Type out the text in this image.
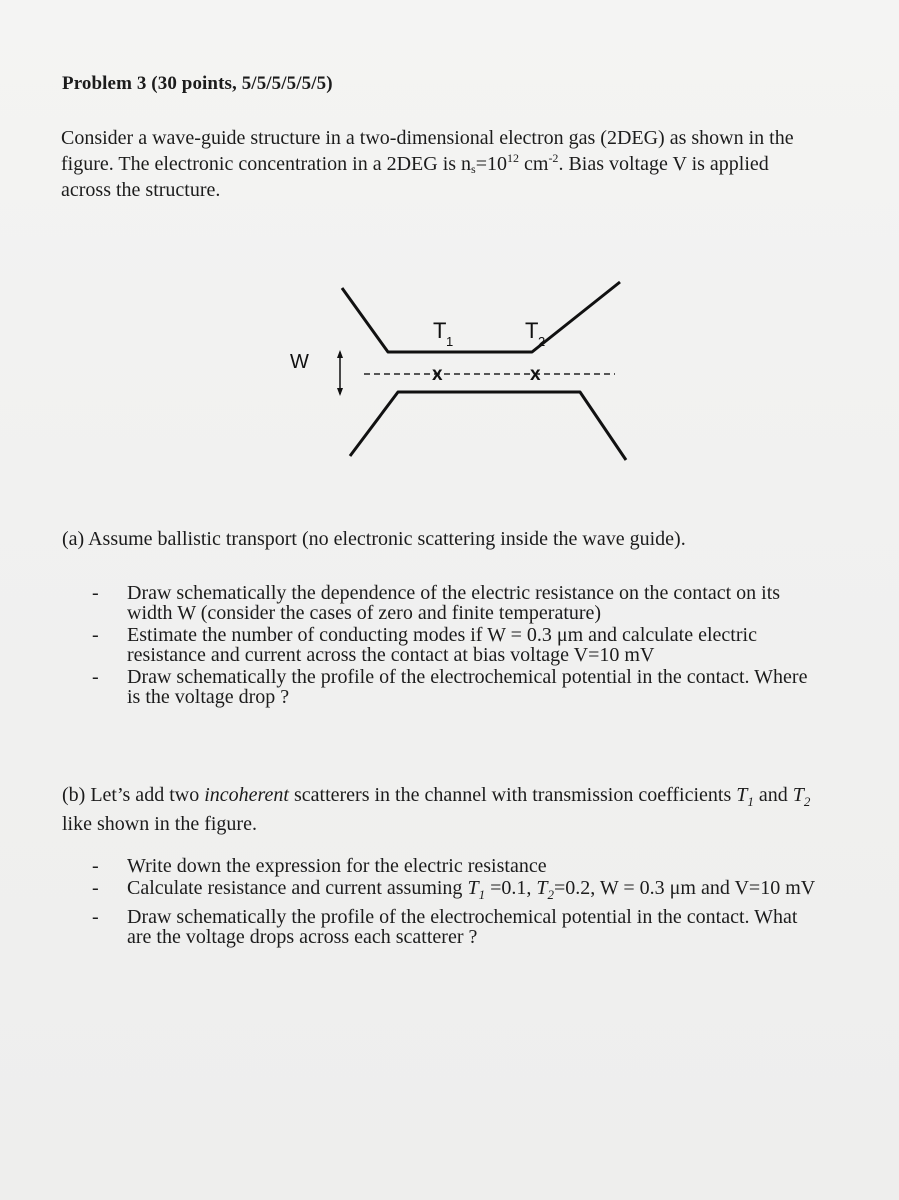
Problem 3 (30 points, 5/5/5/5/5/5)
Consider a wave-guide structure in a two-dimensional electron gas (2DEG) as shown in the
figure. The electronic concentration in a 2DEG is $n_s=10^{12}$ $cm^{-2}$. Bias voltage V is applied
across the structure.
W
T 1	T 2
x	x
(a) Assume ballistic transport (no electronic scattering inside the wave guide).
- Draw schematically the dependence of the electric resistance on the contact on its
width W (consider the cases of zero and finite temperature)
- Estimate the number of conducting modes if W = 0.3 μm and calculate electric
resistance and current across the contact at bias voltage V=10 mV
- Draw schematically the profile of the electrochemical potential in the contact. Where
is the voltage drop ?
(b) Let’s add two incoherent scatterers in the channel with transmission coefficients $T_1$ and $T_2$
like shown in the figure.
- Write down the expression for the electric resistance
- Calculate resistance and current assuming $T_1 =0.1$, $T_2=0.2$, W = 0.3 μm and V=10 mV
- Draw schematically the profile of the electrochemical potential in the contact. What
are the voltage drops across each scatterer ?
